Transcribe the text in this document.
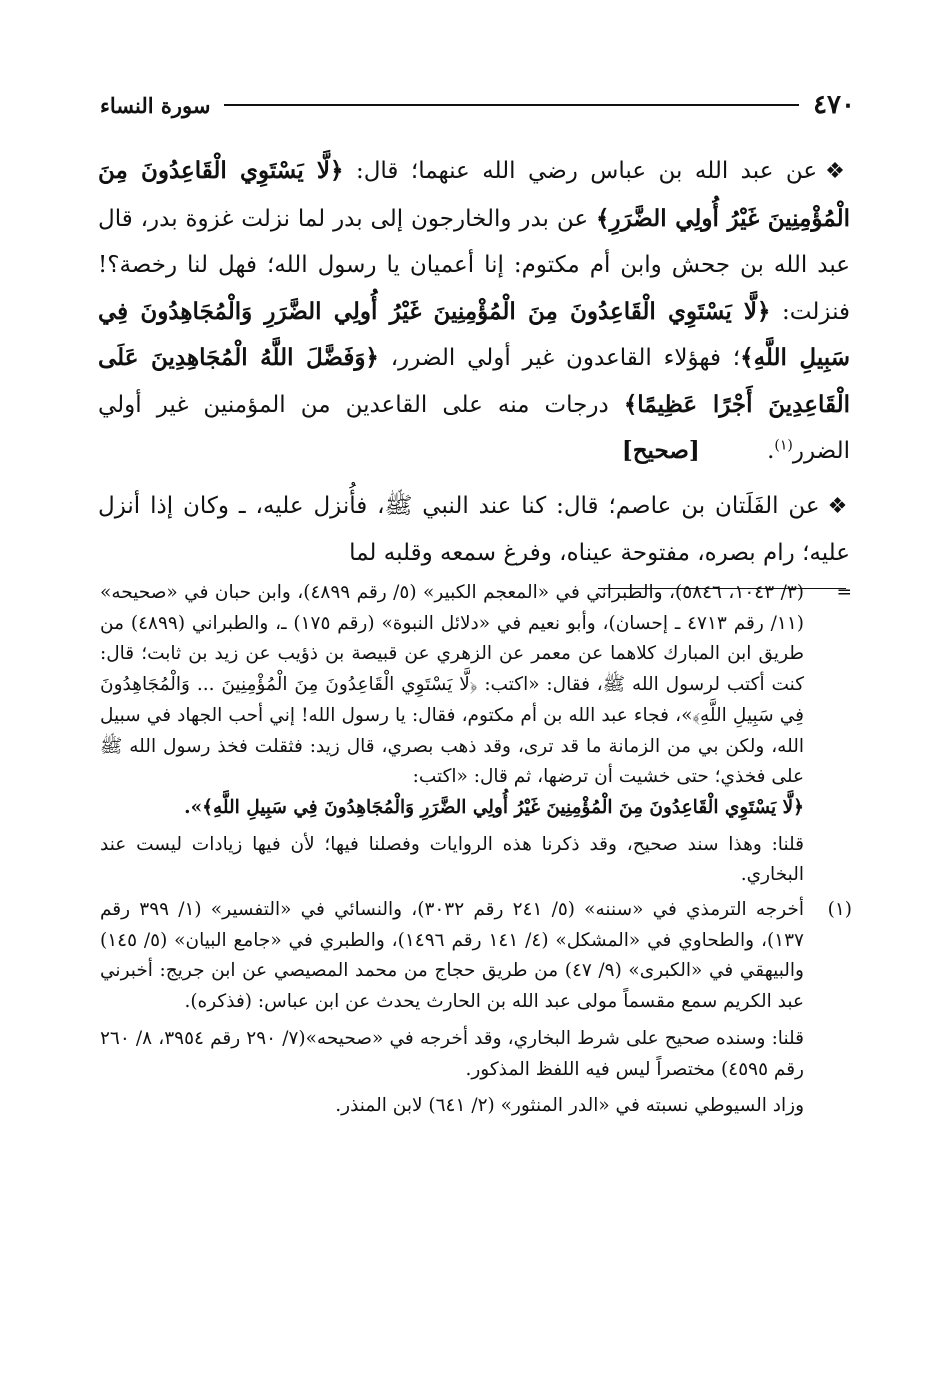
٤٧٠
سورة النساء

❖عن عبد الله بن عباس رضي الله عنهما؛ قال: ﴿لَّا يَسْتَوِي الْقَاعِدُونَ مِنَ الْمُؤْمِنِينَ غَيْرُ أُولِي الضَّرَرِ﴾ عن بدر والخارجون إلى بدر لما نزلت غزوة بدر، قال عبد الله بن جحش وابن أم مكتوم: إنا أعميان يا رسول الله؛ فهل لنا رخصة؟! فنزلت: ﴿لَّا يَسْتَوِي الْقَاعِدُونَ مِنَ الْمُؤْمِنِينَ غَيْرُ أُولِي الضَّرَرِ وَالْمُجَاهِدُونَ فِي سَبِيلِ اللَّهِ﴾؛ فهؤلاء القاعدون غير أولي الضرر، ﴿وَفَضَّلَ اللَّهُ الْمُجَاهِدِينَ عَلَى الْقَاعِدِينَ أَجْرًا عَظِيمًا﴾ درجات منه على القاعدين من المؤمنين غير أولي الضرر$^{(١)}$. [صحيح]

❖عن الفَلَتان بن عاصم؛ قال: كنا عند النبي ﷺ، فأُنزل عليه، ـ وكان إذا أنزل عليه؛ رام بصره، مفتوحة عيناه، وفرغ سمعه وقلبه لما

=

(٣/ ١٠٤٣، ٥٨٤٦)، والطبراني في «المعجم الكبير» (٥/ رقم ٤٨٩٩)، وابن حبان في «صحيحه» (١١/ رقم ٤٧١٣ ـ إحسان)، وأبو نعيم في «دلائل النبوة» (رقم ١٧٥) ـ، والطبراني (٤٨٩٩) من طريق ابن المبارك كلاهما عن معمر عن الزهري عن قبيصة بن ذؤيب عن زيد بن ثابت؛ قال: كنت أكتب لرسول الله ﷺ، فقال: «اكتب: ﴿لَّا يَسْتَوِي الْقَاعِدُونَ مِنَ الْمُؤْمِنِينَ ... وَالْمُجَاهِدُونَ فِي سَبِيلِ اللَّهِ﴾»، فجاء عبد الله بن أم مكتوم، فقال: يا رسول الله! إني أحب الجهاد في سبيل الله، ولكن بي من الزمانة ما قد ترى، وقد ذهب بصري، قال زيد: فثقلت فخذ رسول الله ﷺ على فخذي؛ حتى خشيت أن ترضها، ثم قال: «اكتب:

﴿لَّا يَسْتَوِي الْقَاعِدُونَ مِنَ الْمُؤْمِنِينَ غَيْرُ أُولِي الضَّرَرِ وَالْمُجَاهِدُونَ فِي سَبِيلِ اللَّهِ﴾».

قلنا: وهذا سند صحيح، وقد ذكرنا هذه الروايات وفصلنا فيها؛ لأن فيها زيادات ليست عند البخاري.

(١)

أخرجه الترمذي في «سننه» (٥/ ٢٤١ رقم ٣٠٣٢)، والنسائي في «التفسير» (١/ ٣٩٩ رقم ١٣٧)، والطحاوي في «المشكل» (٤/ ١٤١ رقم ١٤٩٦)، والطبري في «جامع البيان» (٥/ ١٤٥) والبيهقي في «الكبرى» (٩/ ٤٧) من طريق حجاج من محمد المصيصي عن ابن جريج: أخبرني عبد الكريم سمع مقسماً مولى عبد الله بن الحارث يحدث عن ابن عباس: (فذكره).

قلنا: وسنده صحيح على شرط البخاري، وقد أخرجه في «صحيحه»(٧/ ٢٩٠ رقم ٣٩٥٤، ٨/ ٢٦٠ رقم ٤٥٩٥) مختصراً ليس فيه اللفظ المذكور.

وزاد السيوطي نسبته في «الدر المنثور» (٢/ ٦٤١) لابن المنذر.
